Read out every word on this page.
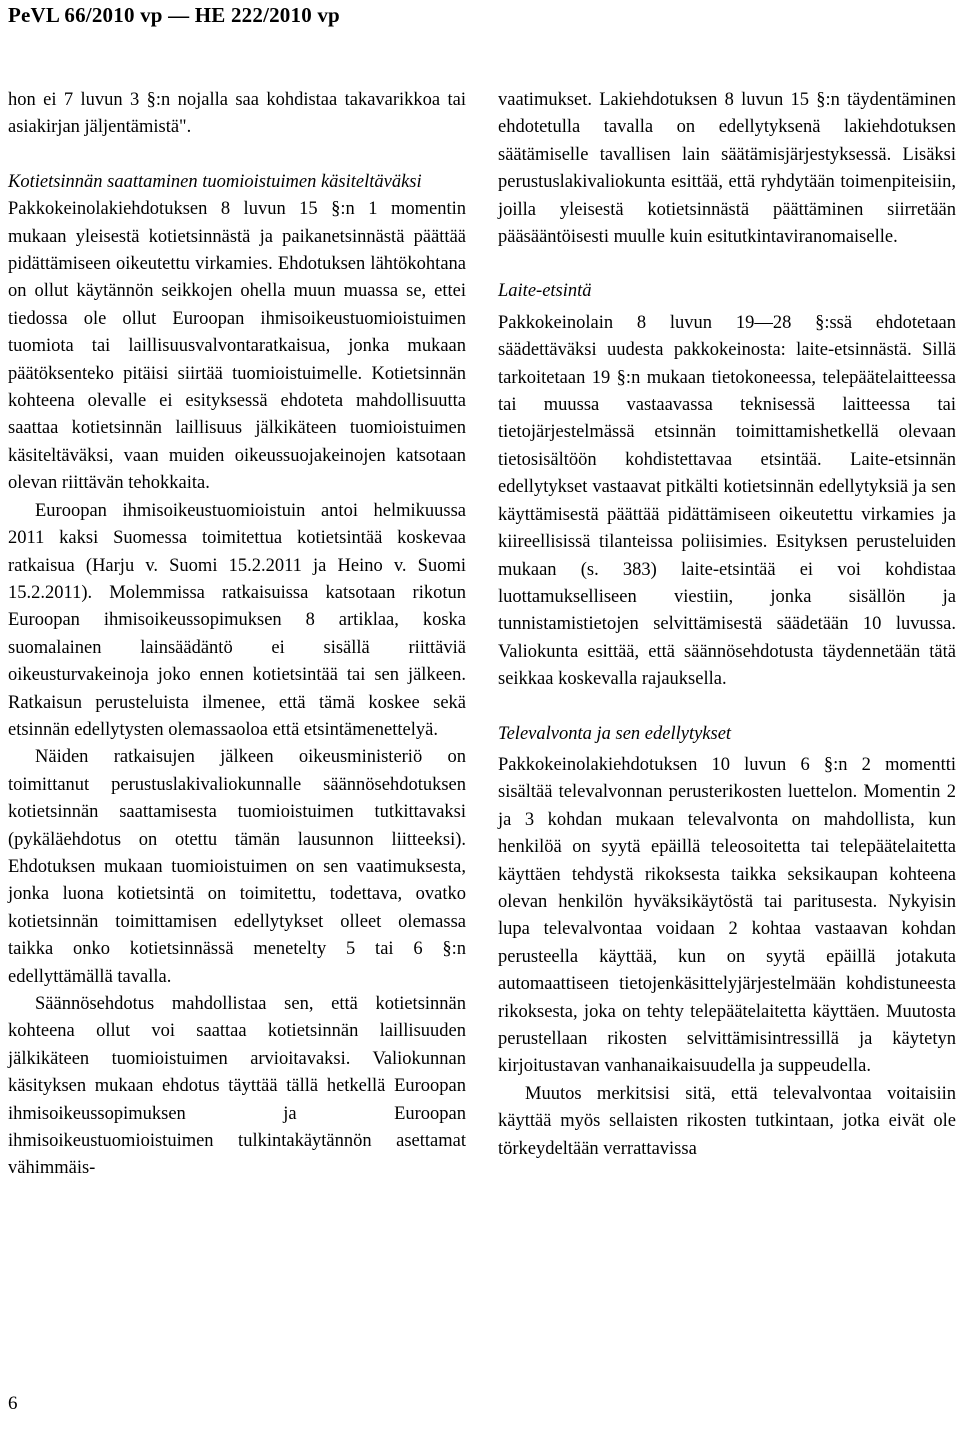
PeVL 66/2010 vp — HE 222/2010 vp

hon ei 7 luvun 3 §:n nojalla saa kohdistaa takavarikkoa tai asiakirjan jäljentämistä".

Kotietsinnän saattaminen tuomioistuimen käsiteltäväksi

Pakkokeinolakiehdotuksen 8 luvun 15 §:n 1 momentin mukaan yleisestä kotietsinnästä ja paikanetsinnästä päättää pidättämiseen oikeutettu virkamies. Ehdotuksen lähtökohtana on ollut käytännön seikkojen ohella muun muassa se, ettei tiedossa ole ollut Euroopan ihmisoikeustuomioistuimen tuomiota tai laillisuusvalvontaratkaisua, jonka mukaan päätöksenteko pitäisi siirtää tuomioistuimelle. Kotietsinnän kohteena olevalle ei esityksessä ehdoteta mahdollisuutta saattaa kotietsinnän laillisuus jälkikäteen tuomioistuimen käsiteltäväksi, vaan muiden oikeussuojakeinojen katsotaan olevan riittävän tehokkaita.

Euroopan ihmisoikeustuomioistuin antoi helmikuussa 2011 kaksi Suomessa toimitettua kotietsintää koskevaa ratkaisua (Harju v. Suomi 15.2.2011 ja Heino v. Suomi 15.2.2011). Molemmissa ratkaisuissa katsotaan rikotun Euroopan ihmisoikeussopimuksen 8 artiklaa, koska suomalainen lainsäädäntö ei sisällä riittäviä oikeusturvakeinoja joko ennen kotietsintää tai sen jälkeen. Ratkaisun perusteluista ilmenee, että tämä koskee sekä etsinnän edellytysten olemassaoloa että etsintämenettelyä.

Näiden ratkaisujen jälkeen oikeusministeriö on toimittanut perustuslakivaliokunnalle säännösehdotuksen kotietsinnän saattamisesta tuomioistuimen tutkittavaksi (pykäläehdotus on otettu tämän lausunnon liitteeksi). Ehdotuksen mukaan tuomioistuimen on sen vaatimuksesta, jonka luona kotietsintä on toimitettu, todettava, ovatko kotietsinnän toimittamisen edellytykset olleet olemassa taikka onko kotietsinnässä menetelty 5 tai 6 §:n edellyttämällä tavalla.

Säännösehdotus mahdollistaa sen, että kotietsinnän kohteena ollut voi saattaa kotietsinnän laillisuuden jälkikäteen tuomioistuimen arvioitavaksi. Valiokunnan käsityksen mukaan ehdotus täyttää tällä hetkellä Euroopan ihmisoikeussopimuksen ja Euroopan ihmisoikeustuomioistuimen tulkintakäytännön asettamat vähimmäis-

vaatimukset. Lakiehdotuksen 8 luvun 15 §:n täydentäminen ehdotetulla tavalla on edellytyksenä lakiehdotuksen säätämiselle tavallisen lain säätämisjärjestyksessä. Lisäksi perustuslakivaliokunta esittää, että ryhdytään toimenpiteisiin, joilla yleisestä kotietsinnästä päättäminen siirretään pääsääntöisesti muulle kuin esitutkintaviranomaiselle.

Laite-etsintä

Pakkokeinolain 8 luvun 19—28 §:ssä ehdotetaan säädettäväksi uudesta pakkokeinosta: laite-etsinnästä. Sillä tarkoitetaan 19 §:n mukaan tietokoneessa, telepäätelaitteessa tai muussa vastaavassa teknisessä laitteessa tai tietojärjestelmässä etsinnän toimittamishetkellä olevaan tietosisältöön kohdistettavaa etsintää. Laite-etsinnän edellytykset vastaavat pitkälti kotietsinnän edellytyksiä ja sen käyttämisestä päättää pidättämiseen oikeutettu virkamies ja kiireellisissä tilanteissa poliisimies. Esityksen perusteluiden mukaan (s. 383) laite-etsintää ei voi kohdistaa luottamukselliseen viestiin, jonka sisällön ja tunnistamistietojen selvittämisestä säädetään 10 luvussa. Valiokunta esittää, että säännösehdotusta täydennetään tätä seikkaa koskevalla rajauksella.

Televalvonta ja sen edellytykset

Pakkokeinolakiehdotuksen 10 luvun 6 §:n 2 momentti sisältää televalvonnan perusterikosten luettelon. Momentin 2 ja 3 kohdan mukaan televalvonta on mahdollista, kun henkilöä on syytä epäillä teleosoitetta tai telepäätelaitetta käyttäen tehdystä rikoksesta taikka seksikaupan kohteena olevan henkilön hyväksikäytöstä tai paritusesta. Nykyisin lupa televalvontaa voidaan 2 kohtaa vastaavan kohdan perusteella käyttää, kun on syytä epäillä jotakuta automaattiseen tietojenkäsittelyjärjestelmään kohdistuneesta rikoksesta, joka on tehty telepäätelaitetta käyttäen. Muutosta perustellaan rikosten selvittämisintressillä ja käytetyn kirjoitustavan vanhanaikaisuudella ja suppeudella.

Muutos merkitsisi sitä, että televalvontaa voitaisiin käyttää myös sellaisten rikosten tutkintaan, jotka eivät ole törkeydeltään verrattavissa

6
